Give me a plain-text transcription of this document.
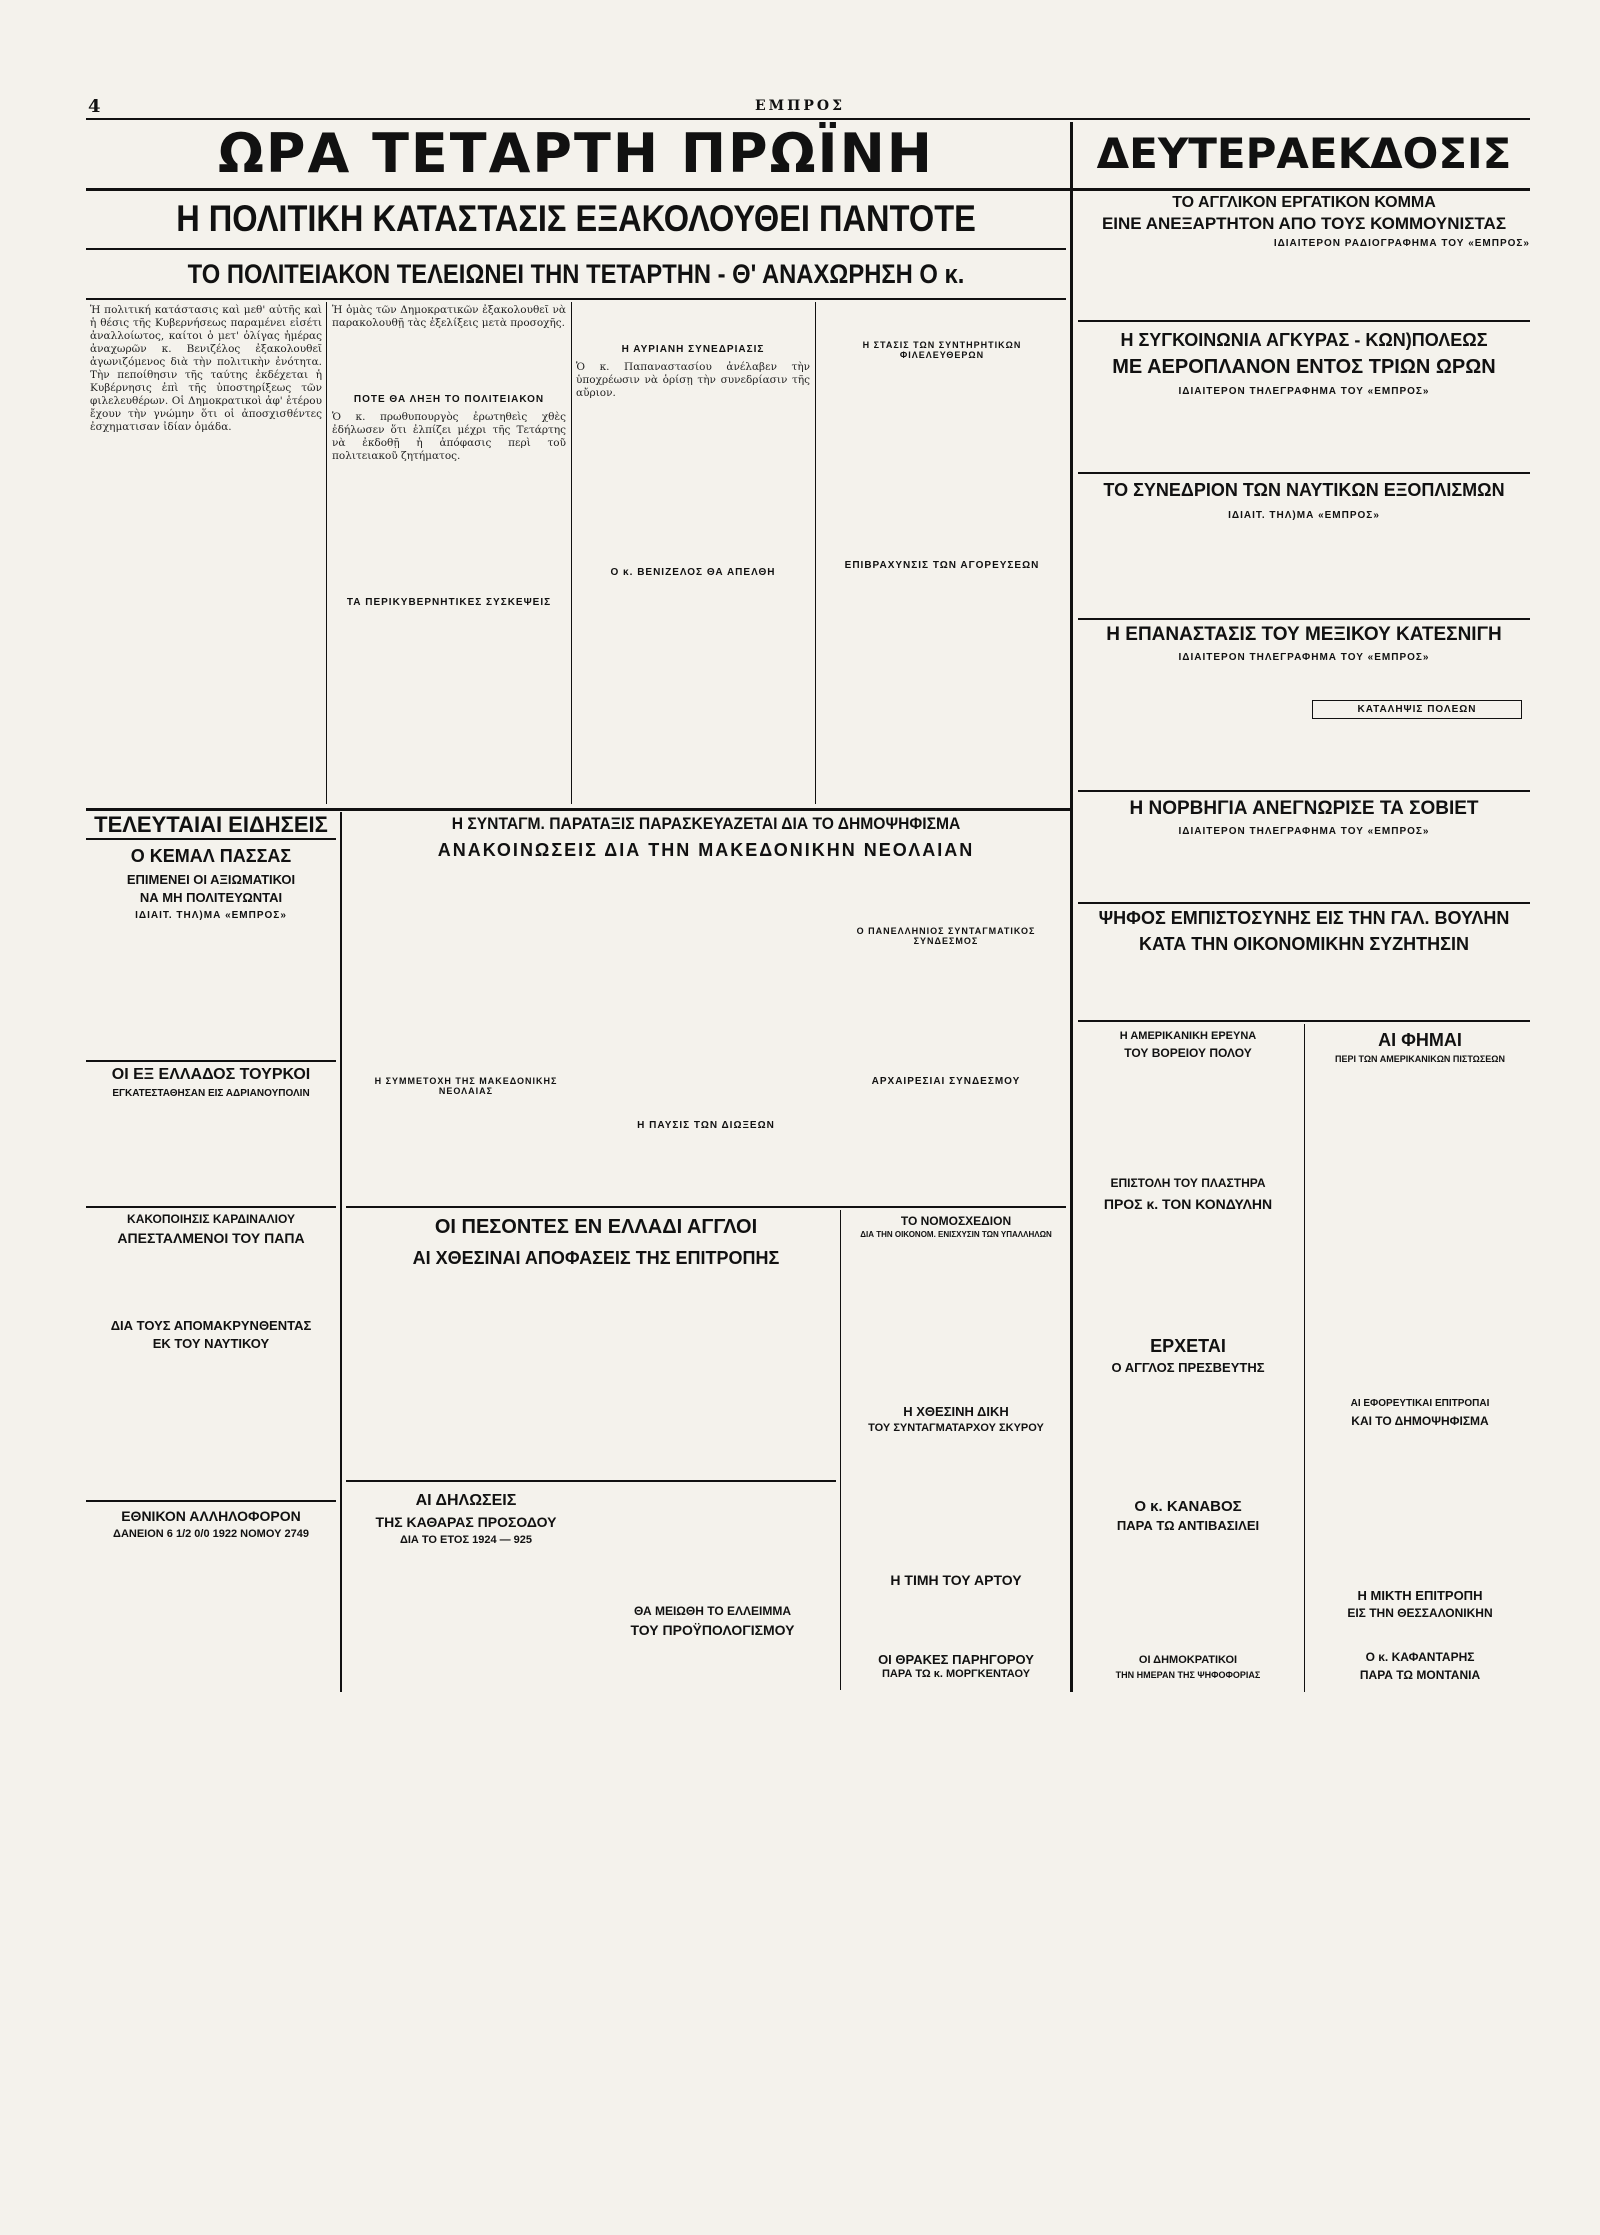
4	ΕΜΠΡΟΣ
ΩΡΑ ΤΕΤΑΡΤΗ ΠΡΩΪΝΗ	ΔΕΥΤΕΡΑΕΚΔΟΣΙΣ
Η ΠΟΛΙΤΙΚΗ ΚΑΤΑΣΤΑΣΙΣ ΕΞΑΚΟΛΟΥΘΕΙ ΠΑΝΤΟΤΕ
ΤΟ ΠΟΛΙΤΕΙΑΚΟΝ ΤΕΛΕΙΩΝΕΙ ΤΗΝ ΤΕΤΑΡΤΗΝ - Θ' ΑΝΑΧΩΡΗΣΗ Ο κ.
Ἡ πολιτική κατάστασις καὶ μεθ' αὐτῆς καὶ ἡ θέσις τῆς Κυβερνήσεως παραμένει εἰσέτι ἀναλλοίωτος, καίτοι ὁ μετ' ὀλίγας ἡμέρας ἀναχωρῶν κ. Βενιζέλος ἐξακολουθεῖ ἀγωνιζόμενος διὰ τὴν πολιτικὴν ἐνότητα. Τὴν πεποίθησιν τῆς ταύτης ἐκδέχεται ἡ Κυβέρνησις ἐπὶ τῆς ὑποστηρίξεως τῶν φιλελευθέρων. Οἱ Δημοκρατικοὶ ἀφ' ἑτέρου ἔχουν τὴν γνώμην ὅτι οἱ ἀποσχισθέντες ἐσχηματισαν ἰδίαν ὁμάδα.
Ἡ ὁμὰς τῶν Δημοκρατικῶν ἐξακολουθεῖ νὰ παρακολουθῇ τὰς ἐξελίξεις μετὰ προσοχῆς.
ΠΟΤΕ ΘΑ ΛΗΞΗ ΤΟ ΠΟΛΙΤΕΙΑΚΟΝ
Ὁ κ. πρωθυπουργὸς ἐρωτηθεὶς χθὲς ἐδήλωσεν ὅτι ἐλπίζει μέχρι τῆς Τετάρτης νὰ ἐκδοθῇ ἡ ἀπόφασις περὶ τοῦ πολιτειακοῦ ζητήματος.
ΤΑ ΠΕΡΙΚΥΒΕΡΝΗΤΙΚΕΣ ΣΥΣΚΕΨΕΙΣ
Η ΑΥΡΙΑΝΗ ΣΥΝΕΔΡΙΑΣΙΣ
Ὁ κ. Παπαναστασίου ἀνέλαβεν τὴν ὑποχρέωσιν νὰ ὁρίσῃ τὴν συνεδρίασιν τῆς αὔριον.
Ο κ. ΒΕΝΙΖΕΛΟΣ ΘΑ ΑΠΕΛΘΗ
Η ΣΤΑΣΙΣ ΤΩΝ ΣΥΝΤΗΡΗΤΙΚΩΝ ΦΙΛΕΛΕΥΘΕΡΩΝ
ΕΠΙΒΡΑΧΥΝΣΙΣ ΤΩΝ ΑΓΟΡΕΥΣΕΩΝ
ΤΟ ΑΓΓΛΙΚΟΝ ΕΡΓΑΤΙΚΟΝ ΚΟΜΜΑ
ΕΙΝΕ ΑΝΕΞΑΡΤΗΤΟΝ ΑΠΟ ΤΟΥΣ ΚΟΜΜΟΥΝΙΣΤΑΣ
ΙΔΙΑΙΤΕΡΟΝ ΡΑΔΙΟΓΡΑΦΗΜΑ ΤΟΥ «ΕΜΠΡΟΣ»
Η ΣΥΓΚΟΙΝΩΝΙΑ ΑΓΚΥΡΑΣ - ΚΩΝ)ΠΟΛΕΩΣ
ΜΕ ΑΕΡΟΠΛΑΝΟΝ ΕΝΤΟΣ ΤΡΙΩΝ ΩΡΩΝ
ΙΔΙΑΙΤΕΡΟΝ ΤΗΛΕΓΡΑΦΗΜΑ ΤΟΥ «ΕΜΠΡΟΣ»
ΤΟ ΣΥΝΕΔΡΙΟΝ ΤΩΝ ΝΑΥΤΙΚΩΝ ΕΞΟΠΛΙΣΜΩΝ
ΙΔΙΑΙΤ. ΤΗΛ)ΜΑ «ΕΜΠΡΟΣ»
Η ΕΠΑΝΑΣΤΑΣΙΣ ΤΟΥ ΜΕΞΙΚΟΥ ΚΑΤΕΣΝΙΓΗ
ΙΔΙΑΙΤΕΡΟΝ ΤΗΛΕΓΡΑΦΗΜΑ ΤΟΥ «ΕΜΠΡΟΣ»
ΚΑΤΑΛΗΨΙΣ ΠΟΛΕΩΝ
Η ΝΟΡΒΗΓΙΑ ΑΝΕΓΝΩΡΙΣΕ ΤΑ ΣΟΒΙΕΤ
ΙΔΙΑΙΤΕΡΟΝ ΤΗΛΕΓΡΑΦΗΜΑ ΤΟΥ «ΕΜΠΡΟΣ»
ΨΗΦΟΣ ΕΜΠΙΣΤΟΣΥΝΗΣ ΕΙΣ ΤΗΝ ΓΑΛ. ΒΟΥΛΗΝ
ΚΑΤΑ ΤΗΝ ΟΙΚΟΝΟΜΙΚΗΝ ΣΥΖΗΤΗΣΙΝ
ΤΕΛΕΥΤΑΙΑΙ ΕΙΔΗΣΕΙΣ
Ο ΚΕΜΑΛ ΠΑΣΣΑΣ
ΕΠΙΜΕΝΕΙ ΟΙ ΑΞΙΩΜΑΤΙΚΟΙ
ΝΑ ΜΗ ΠΟΛΙΤΕΥΩΝΤΑΙ
ΙΔΙΑΙΤ. ΤΗΛ)ΜΑ «ΕΜΠΡΟΣ»
ΟΙ ΕΞ ΕΛΛΑΔΟΣ ΤΟΥΡΚΟΙ
ΕΓΚΑΤΕΣΤΑΘΗΣΑΝ ΕΙΣ ΑΔΡΙΑΝΟΥΠΟΛΙΝ
ΚΑΚΟΠΟΙΗΣΙΣ ΚΑΡΔΙΝΑΛΙΟΥ
ΑΠΕΣΤΑΛΜΕΝΟΙ ΤΟΥ ΠΑΠΑ
ΔΙΑ ΤΟΥΣ ΑΠΟΜΑΚΡΥΝΘΕΝΤΑΣ
ΕΚ ΤΟΥ ΝΑΥΤΙΚΟΥ
ΕΘΝΙΚΟΝ ΑΛΛΗΛΟΦΟΡΟΝ
ΔΑΝΕΙΟΝ 6 1/2 0/0 1922 ΝΟΜΟΥ 2749
Η ΣΥΝΤΑΓΜ. ΠΑΡΑΤΑΞΙΣ ΠΑΡΑΣΚΕΥΑΖΕΤΑΙ ΔΙΑ ΤΟ ΔΗΜΟΨΗΦΙΣΜΑ
ΑΝΑΚΟΙΝΩΣΕΙΣ ΔΙΑ ΤΗΝ ΜΑΚΕΔΟΝΙΚΗΝ ΝΕΟΛΑΙΑΝ
Ο ΠΑΝΕΛΛΗΝΙΟΣ ΣΥΝΤΑΓΜΑΤΙΚΟΣ ΣΥΝΔΕΣΜΟΣ
ΑΡΧΑΙΡΕΣΙΑΙ ΣΥΝΔΕΣΜΟΥ
Η ΣΥΜΜΕΤΟΧΗ ΤΗΣ ΜΑΚΕΔΟΝΙΚΗΣ ΝΕΟΛΑΙΑΣ
Η ΠΑΥΣΙΣ ΤΩΝ ΔΙΩΞΕΩΝ
ΟΙ ΠΕΣΟΝΤΕΣ ΕΝ ΕΛΛΑΔΙ ΑΓΓΛΟΙ
ΑΙ ΧΘΕΣΙΝΑΙ ΑΠΟΦΑΣΕΙΣ ΤΗΣ ΕΠΙΤΡΟΠΗΣ
ΑΙ ΔΗΛΩΣΕΙΣ
ΤΗΣ ΚΑΘΑΡΑΣ ΠΡΟΣΟΔΟΥ
ΔΙΑ ΤΟ ΕΤΟΣ 1924 — 925
ΘΑ ΜΕΙΩΘΗ ΤΟ ΕΛΛΕΙΜΜΑ
ΤΟΥ ΠΡΟΫΠΟΛΟΓΙΣΜΟΥ
ΤΟ ΝΟΜΟΣΧΕΔΙΟΝ
ΔΙΑ ΤΗΝ ΟΙΚΟΝΟΜ. ΕΝΙΣΧΥΣΙΝ ΤΩΝ ΥΠΑΛΛΗΛΩΝ
Η ΧΘΕΣΙΝΗ ΔΙΚΗ
ΤΟΥ ΣΥΝΤΑΓΜΑΤΑΡΧΟΥ ΣΚΥΡΟΥ
Η ΤΙΜΗ ΤΟΥ ΑΡΤΟΥ
ΟΙ ΘΡΑΚΕΣ ΠΑΡΗΓΟΡΟΥ
ΠΑΡΑ ΤΩ κ. ΜΟΡΓΚΕΝΤΑΟΥ
Η ΑΜΕΡΙΚΑΝΙΚΗ ΕΡΕΥΝΑ
ΤΟΥ ΒΟΡΕΙΟΥ ΠΟΛΟΥ
ΑΙ ΦΗΜΑΙ
ΠΕΡΙ ΤΩΝ ΑΜΕΡΙΚΑΝΙΚΩΝ ΠΙΣΤΩΣΕΩΝ
ΕΠΙΣΤΟΛΗ ΤΟΥ ΠΛΑΣΤΗΡΑ
ΠΡΟΣ κ. ΤΟΝ ΚΟΝΔΥΛΗΝ
ΕΡΧΕΤΑΙ
Ο ΑΓΓΛΟΣ ΠΡΕΣΒΕΥΤΗΣ
ΑΙ ΕΦΟΡΕΥΤΙΚΑΙ ΕΠΙΤΡΟΠΑΙ
ΚΑΙ ΤΟ ΔΗΜΟΨΗΦΙΣΜΑ
Ο κ. ΚΑΝΑΒΟΣ
ΠΑΡΑ ΤΩ ΑΝΤΙΒΑΣΙΛΕΙ
Η ΜΙΚΤΗ ΕΠΙΤΡΟΠΗ
ΕΙΣ ΤΗΝ ΘΕΣΣΑΛΟΝΙΚΗΝ
ΟΙ ΔΗΜΟΚΡΑΤΙΚΟΙ
ΤΗΝ ΗΜΕΡΑΝ ΤΗΣ ΨΗΦΟΦΟΡΙΑΣ
Ο κ. ΚΑΦΑΝΤΑΡΗΣ
ΠΑΡΑ ΤΩ ΜΟΝΤΑΝΙΑ
